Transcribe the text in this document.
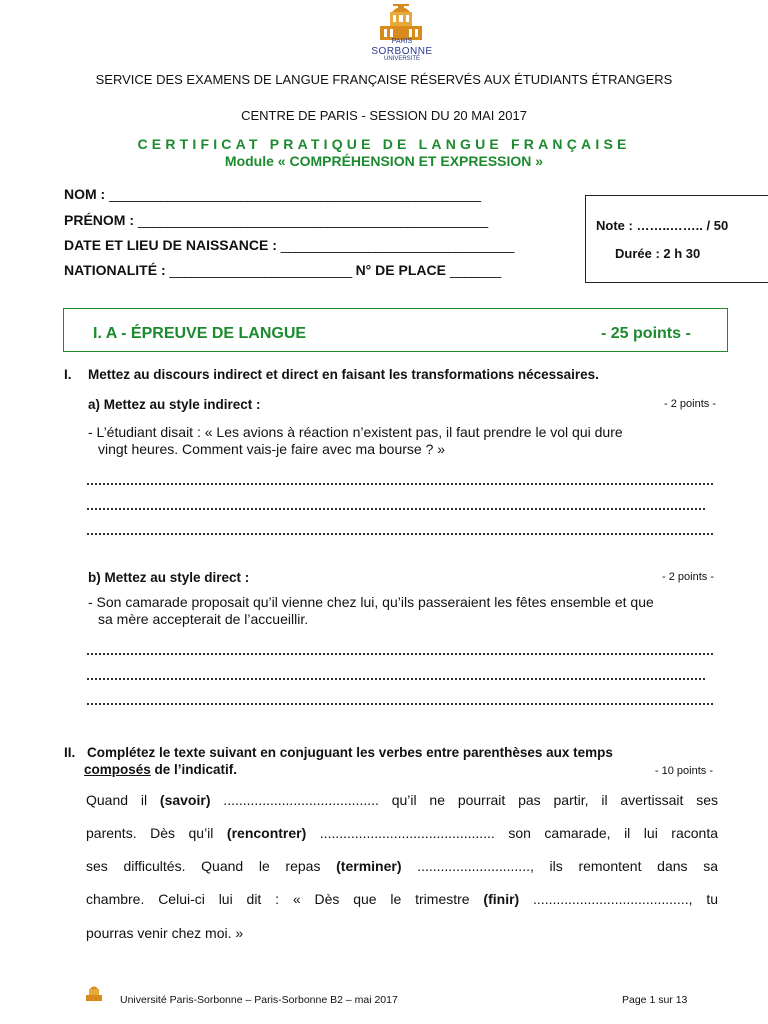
PARIS
SORBONNE
UNIVERSITÉ
SERVICE DES EXAMENS DE LANGUE FRANÇAISE RÉSERVÉS AUX ÉTUDIANTS ÉTRANGERS
CENTRE DE PARIS - SESSION DU 20 MAI 2017
CERTIFICAT PRATIQUE DE LANGUE FRANÇAISE
Module « COMPRÉHENSION ET EXPRESSION »
NOM : ___________________________________________________
PRÉNOM : ________________________________________________
DATE ET LIEU DE NAISSANCE : ________________________________
NATIONALITÉ : _________________________ N° DE PLACE _______
Note : ……..…….. / 50
Durée : 2 h 30
I. A - ÉPREUVE DE LANGUE	- 25 points -
I. Mettez au discours indirect et direct en faisant les transformations nécessaires.
a) Mettez au style indirect :	- 2 points -
- L’étudiant disait : « Les avions à réaction n’existent pas, il faut prendre le vol qui dure
vingt heures. Comment vais-je faire avec ma bourse ? »
b) Mettez au style direct :	- 2 points -
- Son camarade proposait qu’il vienne chez lui, qu’ils passeraient les fêtes ensemble et que
sa mère accepterait de l’accueillir.
II. Complétez le texte suivant en conjuguant les verbes entre parenthèses aux temps
composés de l’indicatif.	- 10 points -
Quand il (savoir) ........................................ qu’il ne pourrait pas partir, il avertissait ses
parents. Dès qu’il (rencontrer) ............................................. son camarade, il lui raconta
ses difficultés. Quand le repas (terminer) ............................., ils remontent dans sa
chambre. Celui-ci lui dit : « Dès que le trimestre (finir) ........................................, tu
pourras venir chez moi. »
Université Paris-Sorbonne – Paris-Sorbonne B2 – mai 2017	Page 1 sur 13
